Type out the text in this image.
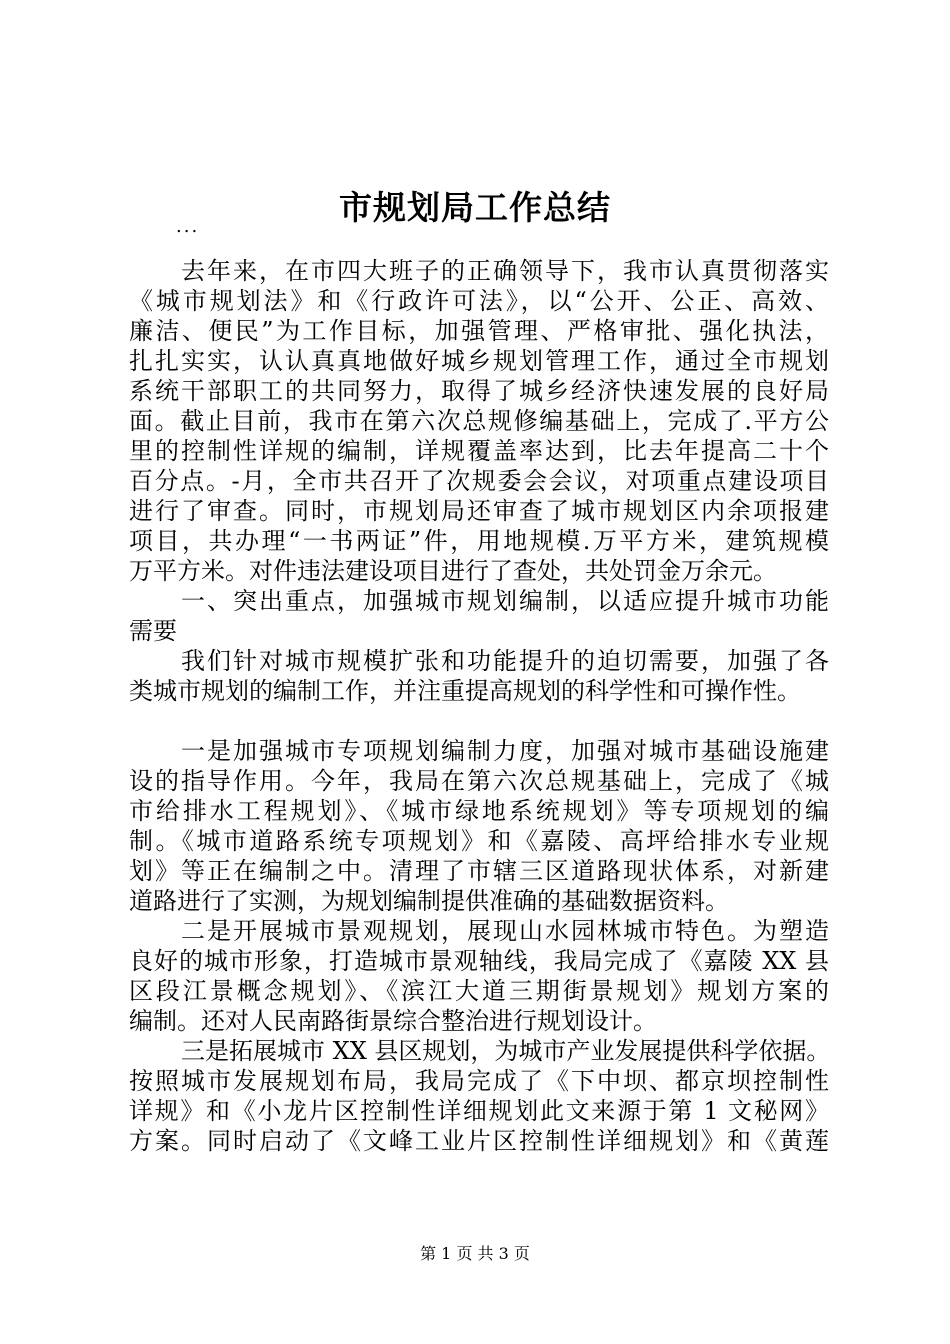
市规划局工作总结
...
去年来，在市四大班子的正确领导下，我市认真贯彻落实
《城市规划法》和《行政许可法》，以“公开、公正、高效、
廉洁、便民”为工作目标，加强管理、严格审批、强化执法，
扎扎实实，认认真真地做好城乡规划管理工作，通过全市规划
系统干部职工的共同努力，取得了城乡经济快速发展的良好局
面。截止目前，我市在第六次总规修编基础上，完成了.平方公
里的控制性详规的编制，详规覆盖率达到，比去年提高二十个
百分点。-月，全市共召开了次规委会会议，对项重点建设项目
进行了审查。同时，市规划局还审查了城市规划区内余项报建
项目，共办理“一书两证”件，用地规模.万平方米，建筑规模
万平方米。对件违法建设项目进行了查处，共处罚金万余元。
一、突出重点，加强城市规划编制，以适应提升城市功能
需要
我们针对城市规模扩张和功能提升的迫切需要，加强了各
类城市规划的编制工作，并注重提高规划的科学性和可操作性。
一是加强城市专项规划编制力度，加强对城市基础设施建
设的指导作用。今年，我局在第六次总规基础上，完成了《城
市给排水工程规划》、《城市绿地系统规划》等专项规划的编
制。《城市道路系统专项规划》和《嘉陵、高坪给排水专业规
划》等正在编制之中。清理了市辖三区道路现状体系，对新建
道路进行了实测，为规划编制提供准确的基础数据资料。
二是开展城市景观规划，展现山水园林城市特色。为塑造
良好的城市形象，打造城市景观轴线，我局完成了《嘉陵 XX 县
区段江景概念规划》、《滨江大道三期街景规划》规划方案的
编制。还对人民南路街景综合整治进行规划设计。
三是拓展城市 XX 县区规划，为城市产业发展提供科学依据。
按照城市发展规划布局，我局完成了《下中坝、都京坝控制性
详规》和《小龙片区控制性详细规划此文来源于第 1 文秘网》
方案。同时启动了《文峰工业片区控制性详细规划》和《黄莲
第 1 页 共 3 页
